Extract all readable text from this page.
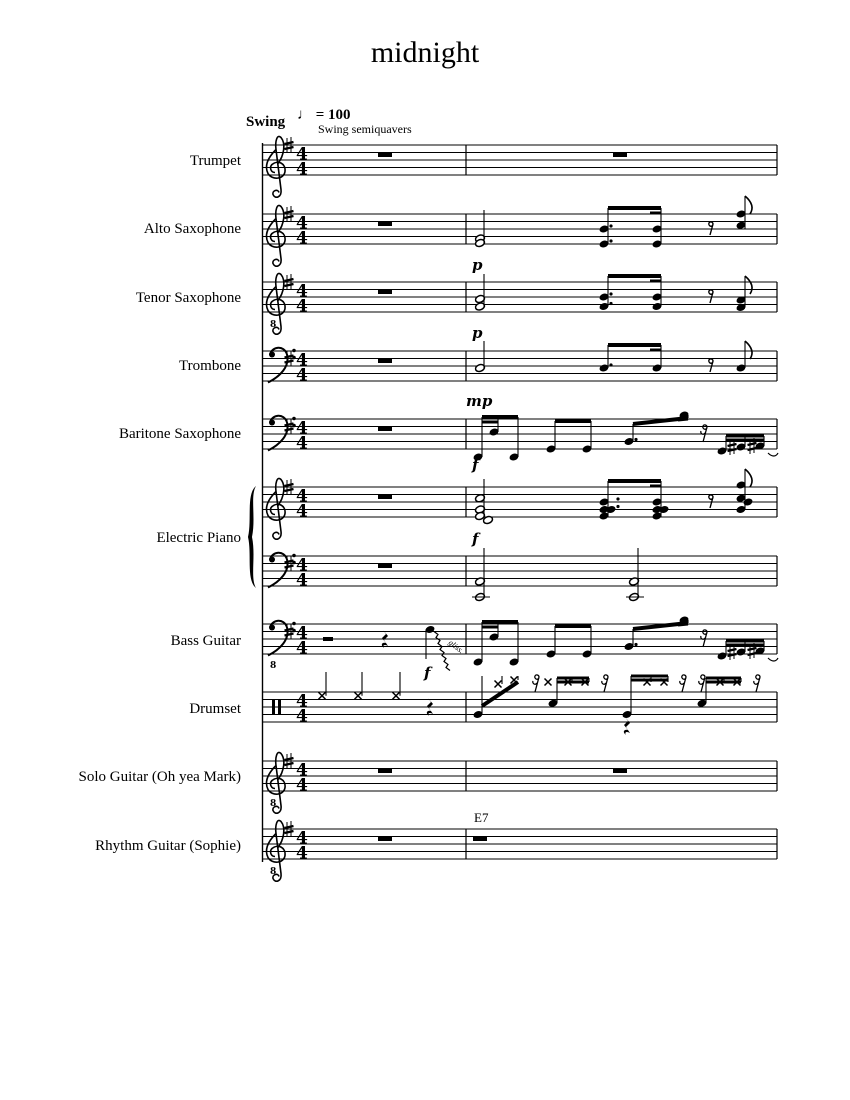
midnight
Swing ♩ = 100
Swing semiquavers
Trumpet
Alto Saxophone
Tenor Saxophone
Trombone
Baritone Saxophone
Electric Piano
Bass Guitar
Drumset
Solo Guitar (Oh yea Mark)
Rhythm Guitar (Sophie)
4
4
4
4
8
4
4
4
4
4
4
4
4
4
4
8
4
4
4
4
8
4
4
8
4
4
gliss.
p
p
mp
f
f
f
E7
